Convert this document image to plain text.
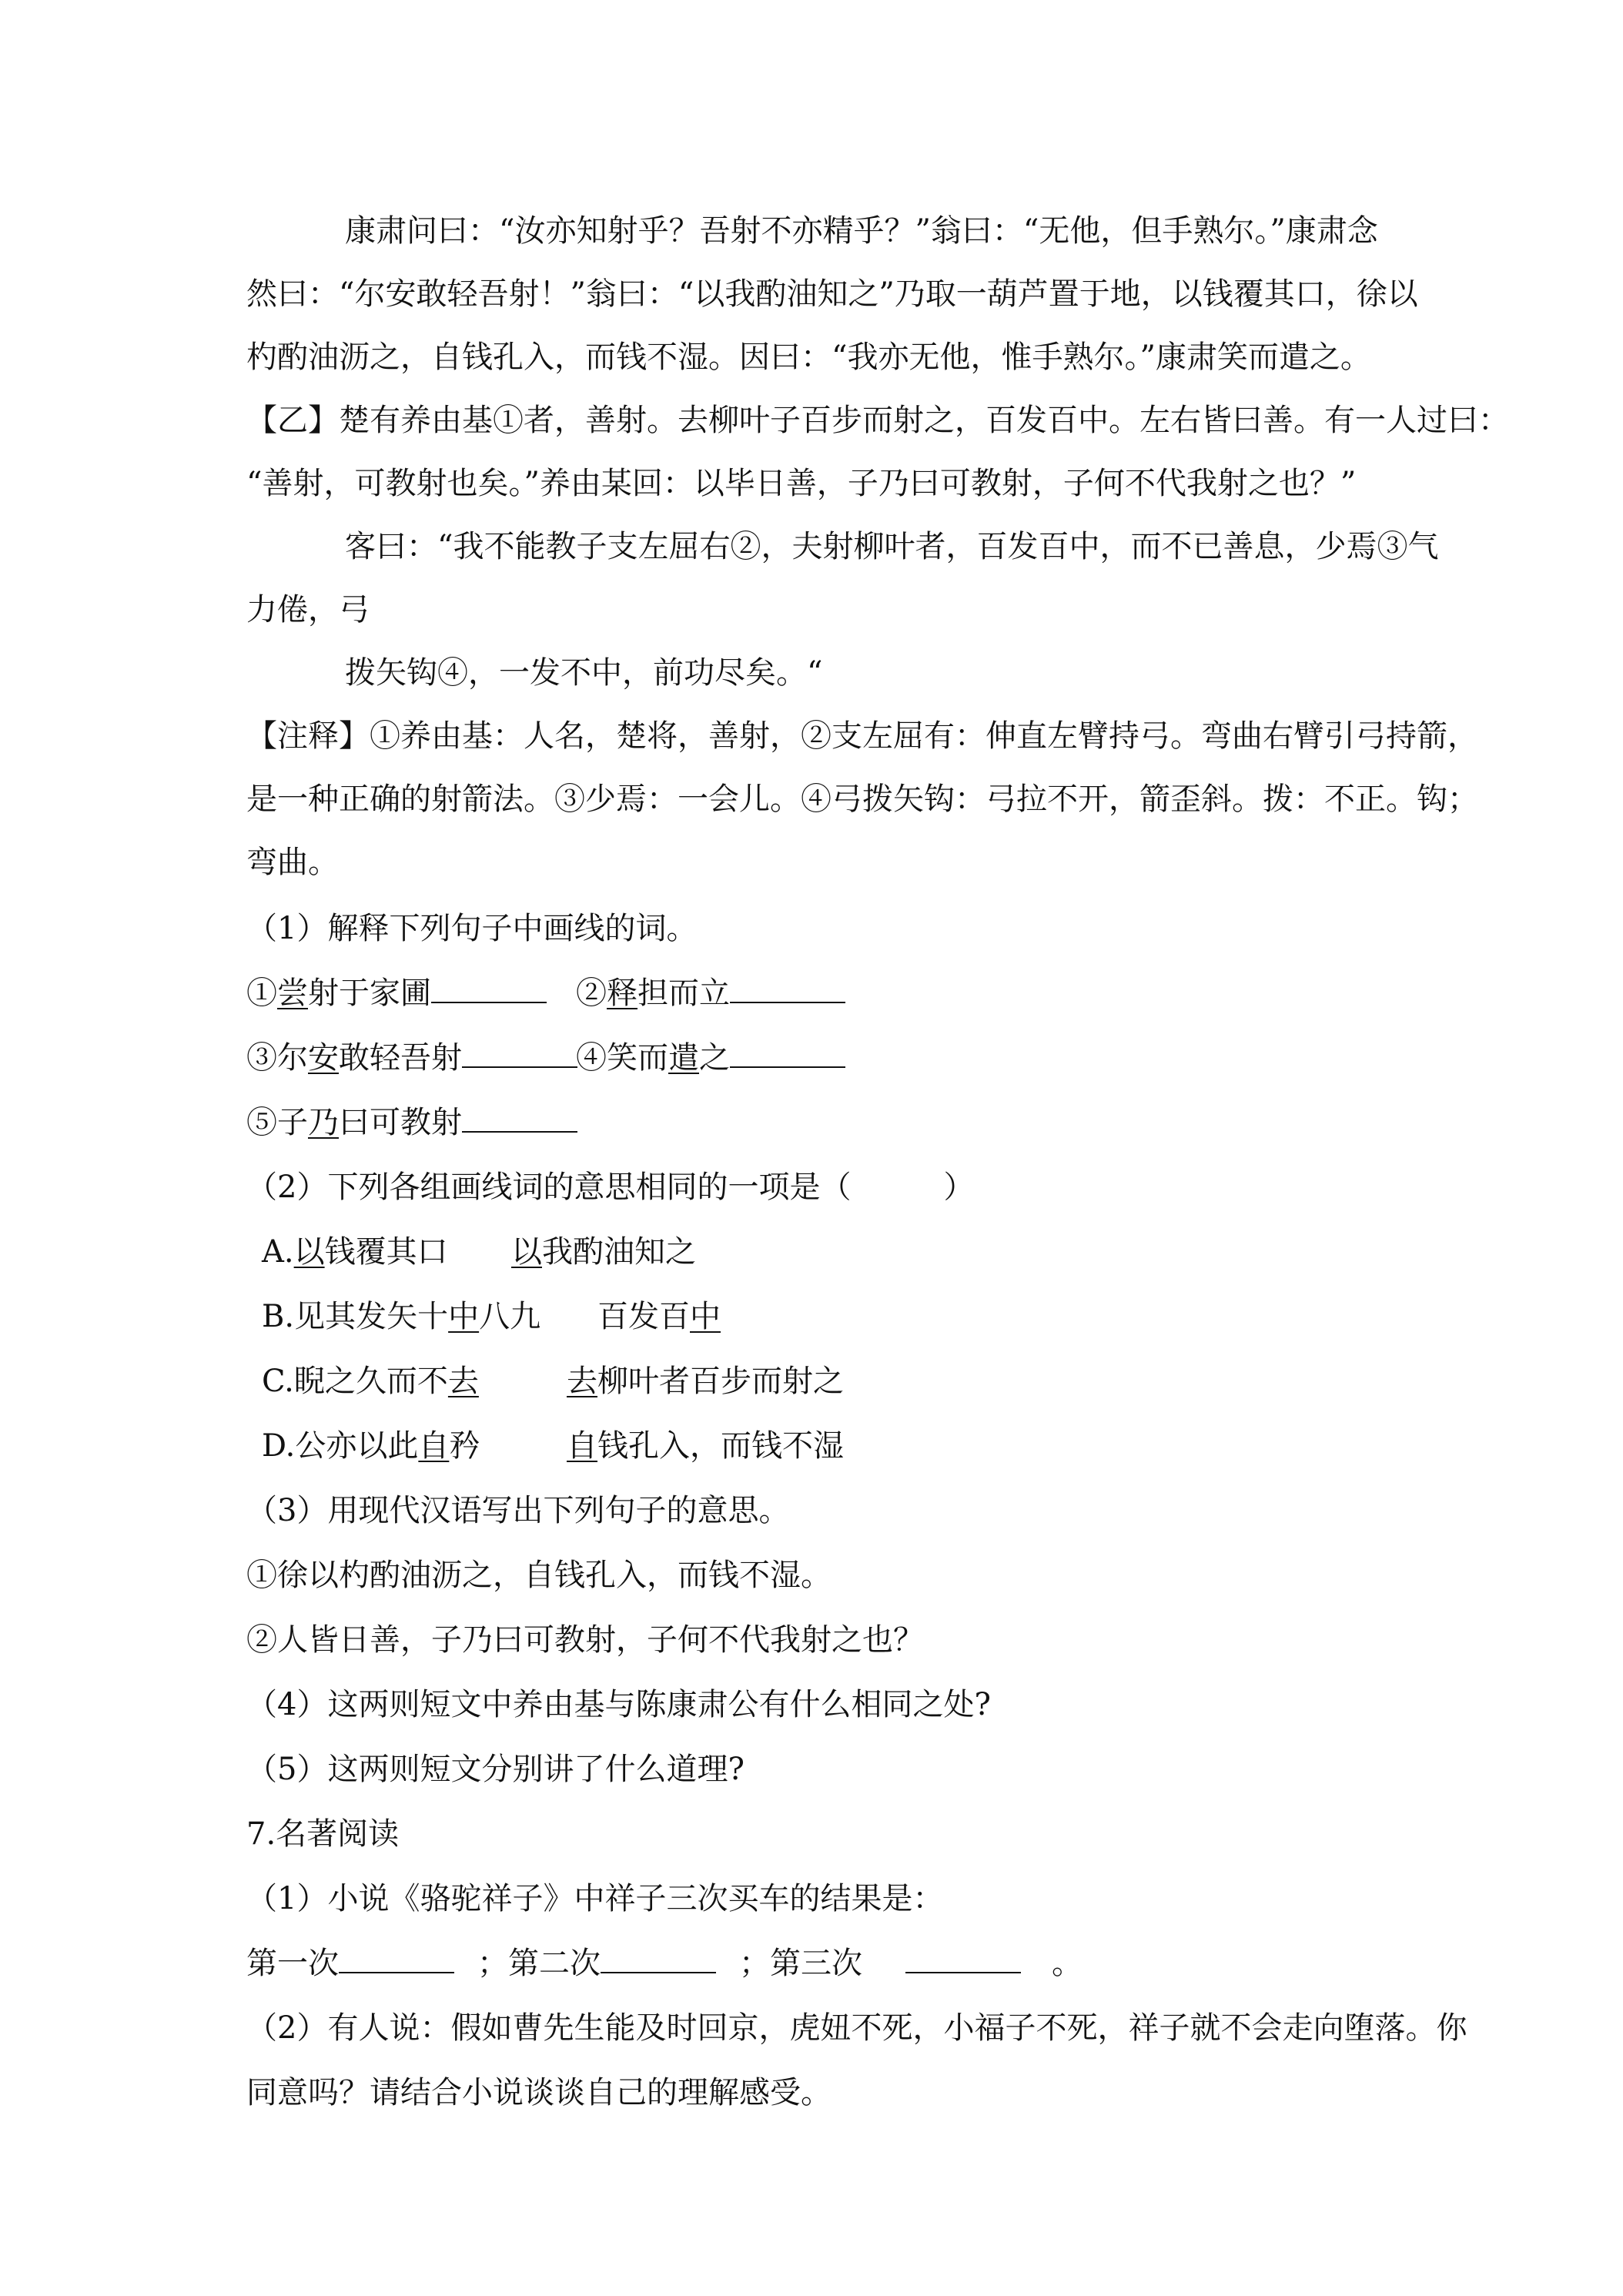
康肃问曰：“汝亦知射乎？吾射不亦精乎？”翁曰：“无他，但手熟尔。”康肃念
然曰：“尔安敢轻吾射！”翁曰：“以我酌油知之”乃取一葫芦置于地，以钱覆其口，徐以
杓酌油沥之，自钱孔入，而钱不湿。因曰：“我亦无他，惟手熟尔。”康肃笑而遣之。
【乙】楚有养由基①者，善射。去柳叶子百步而射之，百发百中。左右皆曰善。有一人过曰：
“善射，可教射也矣。”养由某回：以毕日善，子乃曰可教射，子何不代我射之也？”
客曰：“我不能教子支左屈右②，夫射柳叶者，百发百中，而不已善息，少焉③气
力倦，弓
拨矢钩④，一发不中，前功尽矣。“
【注释】①养由基：人名，楚将，善射，②支左屈有：伸直左臂持弓。弯曲右臂引弓持箭，
是一种正确的射箭法。③少焉：一会儿。④弓拨矢钩：弓拉不开，箭歪斜。拨：不正。钩；
弯曲。
（1）解释下列句子中画线的词。
①尝射于家圃	②释担而立
③尔安敢轻吾射	④笑而遣之
⑤子乃曰可教射
（2）下列各组画线词的意思相同的一项是（　　　）
A.以钱覆其口 以我酌油知之
B.见其发矢十中八九 百发百中
C.睨之久而不去	去柳叶者百步而射之
D.公亦以此自矜	自钱孔入，而钱不湿
（3）用现代汉语写出下列句子的意思。
①徐以杓酌油沥之，自钱孔入，而钱不湿。
②人皆日善，子乃曰可教射，子何不代我射之也？
（4）这两则短文中养由基与陈康肃公有什么相同之处?
（5）这两则短文分别讲了什么道理?
7.名著阅读
（1）小说《骆驼祥子》中祥子三次买车的结果是：
第一次	；第二次	；第三次	。
（2）有人说：假如曹先生能及时回京，虎妞不死，小福子不死，祥子就不会走向堕落。你
同意吗？请结合小说谈谈自己的理解感受。
